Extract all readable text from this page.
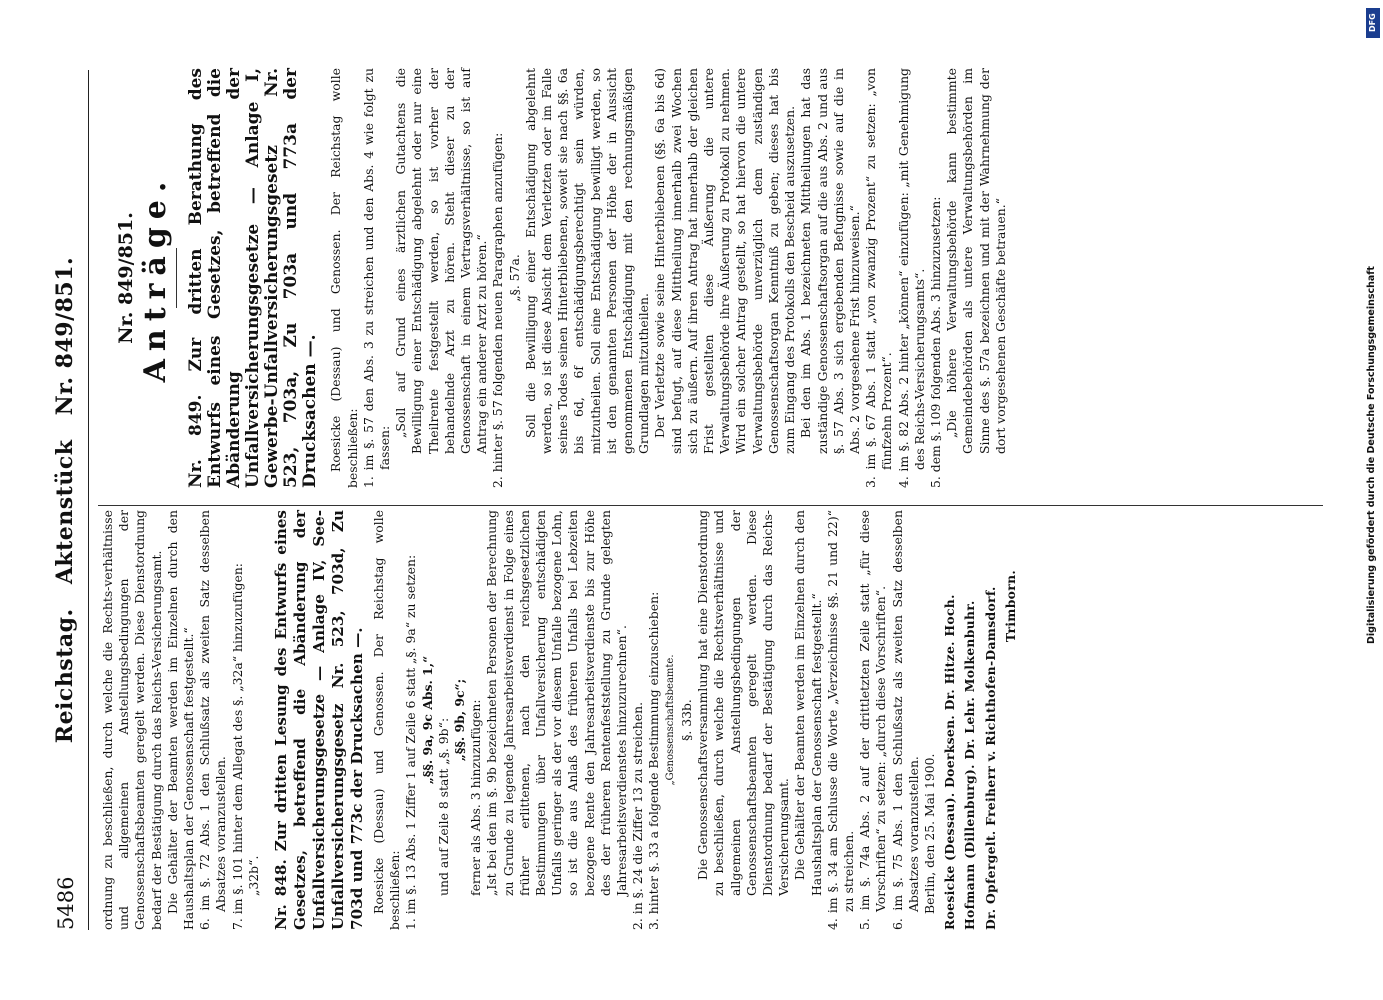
5486
Reichstag. Aktenstück Nr. 849/851.

ordnung zu beschließen, durch welche die Rechts-verhältnisse und allgemeinen Anstellungsbedingungen der Genossenschaftsbeamten geregelt werden. Diese Dienstordnung bedarf der Bestätigung durch das Reichs-Versicherungsamt. Die Gehälter der Beamten werden im Einzelnen durch den Haushaltsplan der Genossenschaft festgestellt.“ 6. im §. 72 Abs. 1 den Schlußsatz als zweiten Satz desselben Absatzes voranzustellen. 7. im §. 101 hinter dem Allegat des §. „32a“ hinzuzufügen: „32b“. Nr. 848. Zur dritten Lesung des Entwurfs eines Gesetzes, betreffend die Abänderung der Unfallversicherungsgesetze — Anlage IV, See-Unfallversicherungsgesetz Nr. 523, 703d, Zu 703d und 773c der Drucksachen —. Roesicke (Dessau) und Genossen. Der Reichstag wolle beschließen: 1. im §. 13 Abs. 1 Ziffer 1 auf Zeile 6 statt „§. 9a“ zu setzen: „§§. 9a, 9c Abs. 1,“ und auf Zeile 8 statt „§. 9b“: „§§. 9b, 9c“; ferner als Abs. 3 hinzuzufügen: „Ist bei den im §. 9b bezeichneten Personen der Berechnung zu Grunde zu legende Jahresarbeitsverdienst in Folge eines früher erlittenen, nach den reichsgesetzlichen Bestimmungen über Unfallversicherung entschädigten Unfalls geringer als der vor diesem Unfalle bezogene Lohn, so ist die aus Anlaß des früheren Unfalls bei Lebzeiten bezogene Rente den Jahresarbeitsverdienste bis zur Höhe des der früheren Rentenfeststellung zu Grunde gelegten Jahresarbeitsverdienstes hinzuzurechnen“. 2. in §. 24 die Ziffer 13 zu streichen. 3. hinter §. 33 a folgende Bestimmung einzuschieben: „Genossenschaftsbeamte. §. 33b. Die Genossenschaftsversammlung hat eine Dienstordnung zu beschließen, durch welche die Rechtsverhältnisse und allgemeinen Anstellungsbedingungen der Genossenschaftsbeamten geregelt werden. Diese Dienstordnung bedarf der Bestätigung durch das Reichs-Versicherungsamt. Die Gehälter der Beamten werden im Einzelnen durch den Haushaltsplan der Genossenschaft festgestellt.“ 4. im §. 34 am Schlusse die Worte „Verzeichnisse §§. 21 und 22)“ zu streichen. 5. im §. 74a Abs. 2 auf der drittletzten Zeile statt „für diese Vorschriften“ zu setzen: „durch diese Vorschriften“. 6. im §. 75 Abs. 1 den Schlußsatz als zweiten Satz desselben Absatzes voranzustellen. Berlin, den 25. Mai 1900. Roesicke (Dessau). Doerksen. Dr. Hitze. Hoch. Hofmann (Dillenburg). Dr. Lehr. Molkenbuhr. Dr. Opfergelt. Freiherr v. Richthofen-Damsdorf. Trimborn.

Nr. 849/851. Anträge. Nr. 849. Zur dritten Berathung des Entwurfs eines Gesetzes, betreffend die Abänderung der Unfallversicherungsgesetze — Anlage I, Gewerbe-Unfallversicherungsgesetz Nr. 523, 703a, Zu 703a und 773a der Drucksachen —. Roesicke (Dessau) und Genossen. Der Reichstag wolle beschließen: 1. im §. 57 den Abs. 3 zu streichen und den Abs. 4 wie folgt zu fassen:

„Soll auf Grund eines ärztlichen Gutachtens die Bewilligung einer Entschädigung abgelehnt oder nur eine Theilrente festgestellt werden, so ist vorher der behandelnde Arzt zu hören. Steht dieser zu der Genossenschaft in einem Vertragsverhältnisse, so ist auf Antrag ein anderer Arzt zu hören.“ 2. hinter §. 57 folgenden neuen Paragraphen anzufügen: „§. 57a. Soll die Bewilligung einer Entschädigung abgelehnt werden, so ist diese Absicht dem Verletzten oder im Falle seines Todes seinen Hinterbliebenen, soweit sie nach §§. 6a bis 6d, 6f entschädigungsberechtigt sein würden, mitzutheilen. Soll eine Entschädigung bewilligt werden, so ist den genannten Personen der Höhe der in Aussicht genommenen Entschädigung mit den rechnungsmäßigen Grundlagen mitzutheilen. Der Verletzte sowie seine Hinterbliebenen (§§. 6a bis 6d) sind befugt, auf diese Mittheilung innerhalb zwei Wochen sich zu äußern. Auf ihren Antrag hat innerhalb der gleichen Frist gestellten diese Äußerung die untere Verwaltungsbehörde ihre Äußerung zu Protokoll zu nehmen. Wird ein solcher Antrag gestellt, so hat hiervon die untere Verwaltungsbehörde unverzüglich dem zuständigen Genossenschaftsorgan Kenntniß zu geben; dieses hat bis zum Eingang des Protokolls den Bescheid auszusetzen. Bei den im Abs. 1 bezeichneten Mittheilungen hat das zuständige Genossenschaftsorgan auf die aus Abs. 2 und aus §. 57 Abs. 3 sich ergebenden Befugnisse sowie auf die in Abs. 2 vorgesehene Frist hinzuweisen.“ 3. im §. 67 Abs. 1 statt „von zwanzig Prozent“ zu setzen: „von fünfzehn Prozent“. 4. im §. 82 Abs. 2 hinter „können“ einzufügen: „mit Genehmigung des Reichs-Versicherungsamts“. 5. dem §. 109 folgenden Abs. 3 hinzuzusetzen: „Die höhere Verwaltungsbehörde kann bestimmte Gemeindebehörden als untere Verwaltungsbehörden im Sinne des §. 57a bezeichnen und mit der Wahrnehmung der dort vorgesehenen Geschäfte betrauen.“

DFG
Digitalisierung gefördert durch die Deutsche Forschungsgemeinschaft
